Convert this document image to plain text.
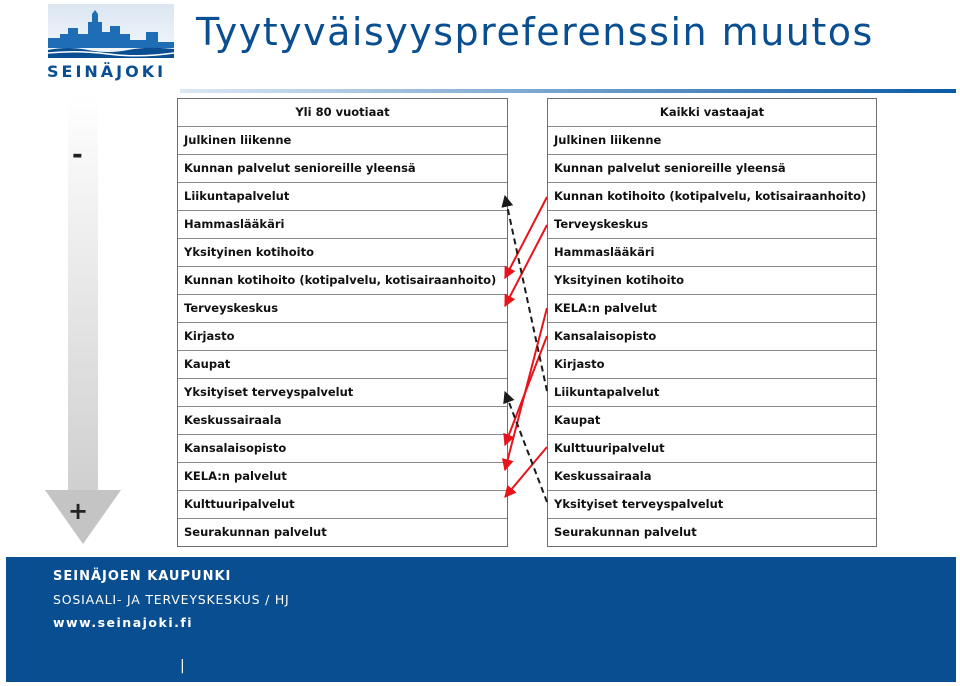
SEINÄJOKI
Tyytyväisyyspreferenssin muutos
-
+
Yli 80 vuotiaat
Julkinen liikenne
Kunnan palvelut senioreille yleensä
Liikuntapalvelut
Hammaslääkäri
Yksityinen kotihoito
Kunnan kotihoito (kotipalvelu, kotisairaanhoito)
Terveyskeskus
Kirjasto
Kaupat
Yksityiset terveyspalvelut
Keskussairaala
Kansalaisopisto
KELA:n palvelut
Kulttuuripalvelut
Seurakunnan palvelut
Kaikki vastaajat
Julkinen liikenne
Kunnan palvelut senioreille yleensä
Kunnan kotihoito (kotipalvelu, kotisairaanhoito)
Terveyskeskus
Hammaslääkäri
Yksityinen kotihoito
KELA:n palvelut
Kansalaisopisto
Kirjasto
Liikuntapalvelut
Kaupat
Kulttuuripalvelut
Keskussairaala
Yksityiset terveyspalvelut
Seurakunnan palvelut
SEINÄJOEN KAUPUNKI
SOSIAALI- JA TERVEYSKESKUS / HJ
www.seinajoki.fi
|
